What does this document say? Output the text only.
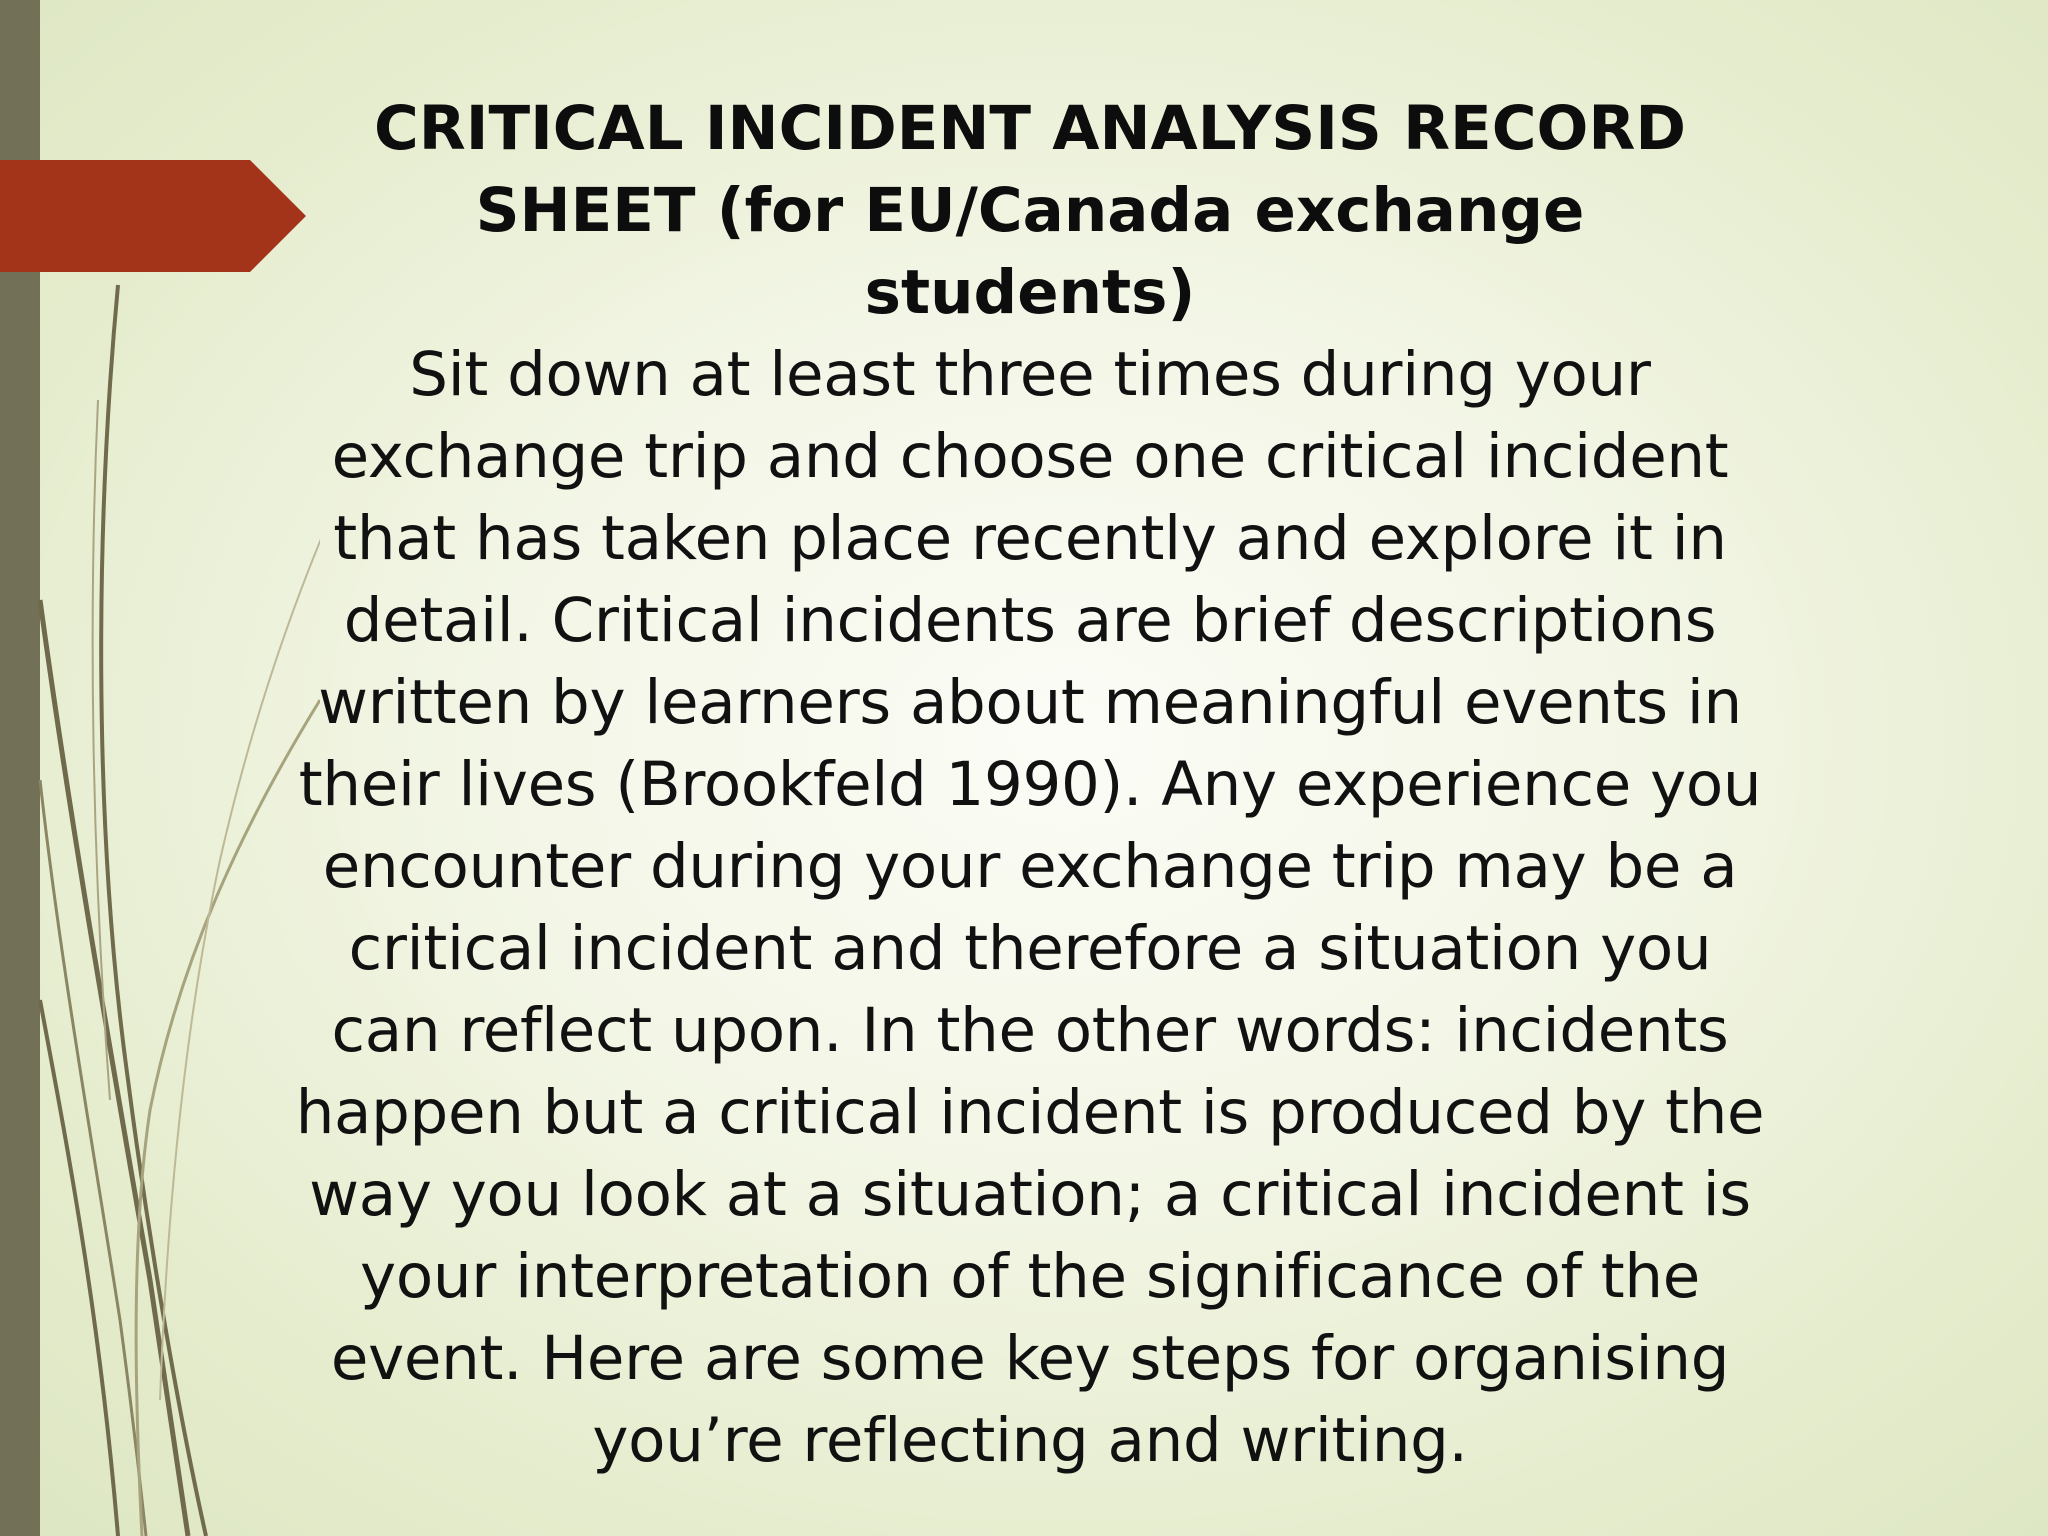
CRITICAL INCIDENT ANALYSIS RECORD
SHEET (for EU/Canada exchange
students)

Sit down at least three times during your
exchange trip and choose one critical incident
that has taken place recently and explore it in
detail. Critical incidents are brief descriptions
written by learners about meaningful events in
their lives (Brookfeld 1990). Any experience you
encounter during your exchange trip may be a
critical incident and therefore a situation you
can reflect upon. In the other words: incidents
happen but a critical incident is produced by the
way you look at a situation; a critical incident is
your interpretation of the significance of the
event. Here are some key steps for organising
you’re reflecting and writing.
